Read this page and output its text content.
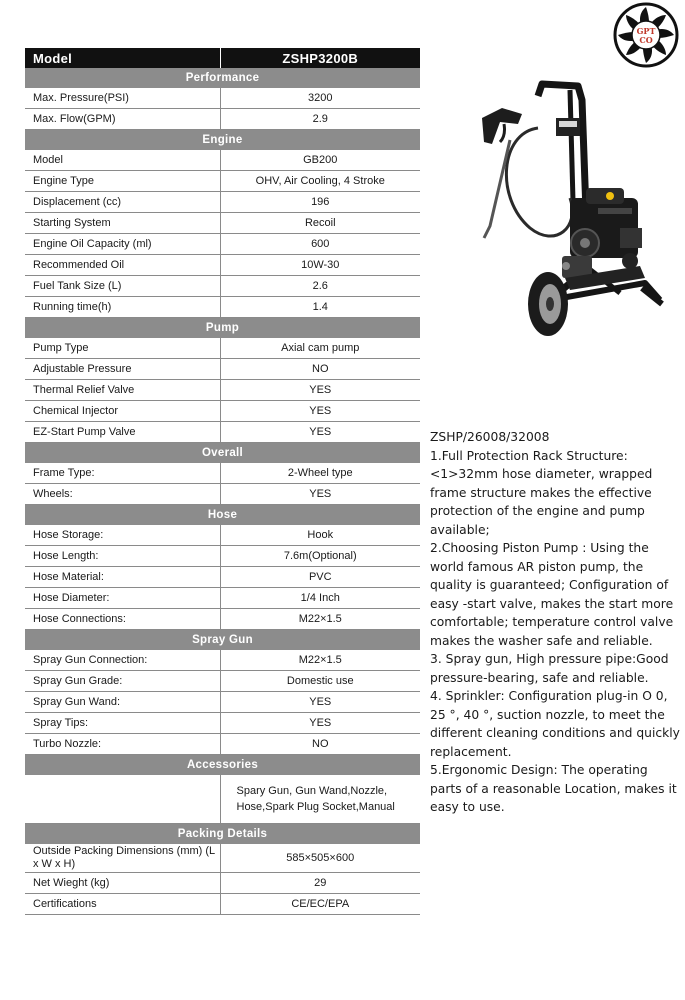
Model	ZSHP3200B
Performance	
Max. Pressure(PSI)	3200
Max. Flow(GPM)	2.9
Engine	
Model	GB200
Engine Type	OHV, Air Cooling, 4 Stroke
Displacement (cc)	196
Starting System	Recoil
Engine Oil Capacity (ml)	600
Recommended Oil	10W-30
Fuel Tank Size (L)	2.6
Running time(h)	1.4
Pump	
Pump Type	Axial cam pump
Adjustable Pressure	NO
Thermal Relief Valve	YES
Chemical Injector	YES
EZ-Start Pump Valve	YES
Overall	
Frame Type:	2-Wheel type
Wheels:	YES
Hose	
Hose Storage:	Hook
Hose Length:	7.6m(Optional)
Hose Material:	PVC
Hose Diameter:	1/4 Inch
Hose Connections:	M22×1.5
Spray Gun	
Spray Gun Connection:	M22×1.5
Spray Gun Grade:	Domestic use
Spray Gun Wand:	YES
Spray Tips:	YES
Turbo Nozzle:	NO
Accessories	
	Spary Gun, Gun Wand,Nozzle, Hose,Spark Plug Socket,Manual
Packing Details	
Outside Packing Dimensions (mm) (L x W x H)	585×505×600
Net Wieght (kg)	29
Certifications	CE/EC/EPA
GPT
CO

ZSHP/26008/32008

1.Full Protection Rack Structure: <1>32mm hose diameter, wrapped frame structure makes the effective protection of the engine and pump available;

2.Choosing Piston Pump : Using the world famous AR piston pump, the quality is guaranteed; Configuration of easy -start valve, makes the start more comfortable; temperature control valve makes the washer safe and reliable.

3. Spray gun, High pressure pipe:Good pressure-bearing, safe and reliable.

4. Sprinkler: Configuration plug-in O 0, 25 °, 40 °, suction nozzle, to meet the different cleaning conditions and quickly replacement.

5.Ergonomic Design: The operating parts of a reasonable Location, makes it easy to use.
